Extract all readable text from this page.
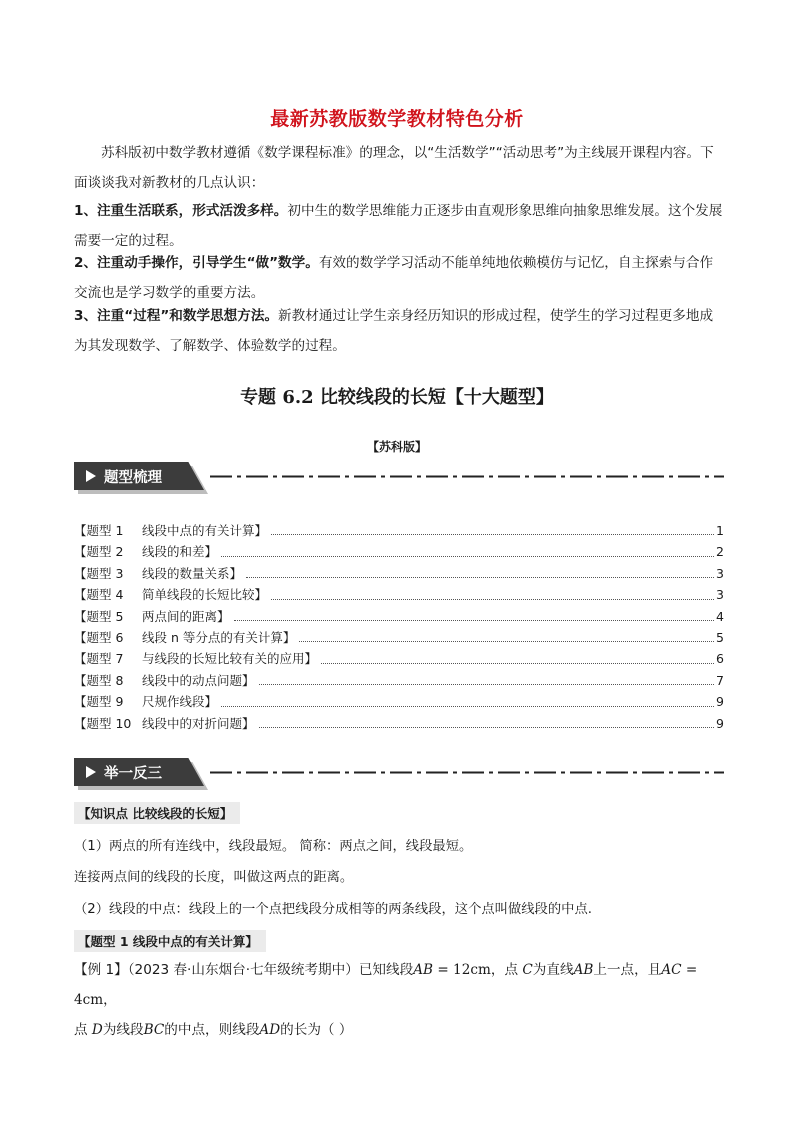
最新苏教版数学教材特色分析

苏科版初中数学教材遵循《数学课程标准》的理念，以“生活数学”“活动思考”为主线展开课程内容。下面谈谈我对新教材的几点认识：

1、注重生活联系，形式活泼多样。初中生的数学思维能力正逐步由直观形象思维向抽象思维发展。这个发展需要一定的过程。

2、注重动手操作，引导学生“做”数学。有效的数学学习活动不能单纯地依赖模仿与记忆，自主探索与合作交流也是学习数学的重要方法。

3、注重“过程”和数学思想方法。新教材通过让学生亲身经历知识的形成过程，使学生的学习过程更多地成为其发现数学、了解数学、体验数学的过程。

专题 6.2 比较线段的长短【十大题型】
【苏科版】
题型梳理
【题型 1	线段中点的有关计算】	1
【题型 2	线段的和差】	2
【题型 3	线段的数量关系】	3
【题型 4	简单线段的长短比较】	3
【题型 5	两点间的距离】	4
【题型 6	线段 n 等分点的有关计算】	5
【题型 7	与线段的长短比较有关的应用】	6
【题型 8	线段中的动点问题】	7
【题型 9	尺规作线段】	9
【题型 10 线段中的对折问题】	9
举一反三
【知识点 比较线段的长短】
（1）两点的所有连线中，线段最短。 简称：两点之间，线段最短。
连接两点间的线段的长度，叫做这两点的距离。
（2）线段的中点：线段上的一个点把线段分成相等的两条线段，这个点叫做线段的中点.
【题型 1 线段中点的有关计算】

【例 1】（2023 春·山东烟台·七年级统考期中）已知线段AB = 12cm，点 C为直线AB上一点，且AC = 4cm，

点 D为线段BC的中点，则线段AD的长为（ ）
